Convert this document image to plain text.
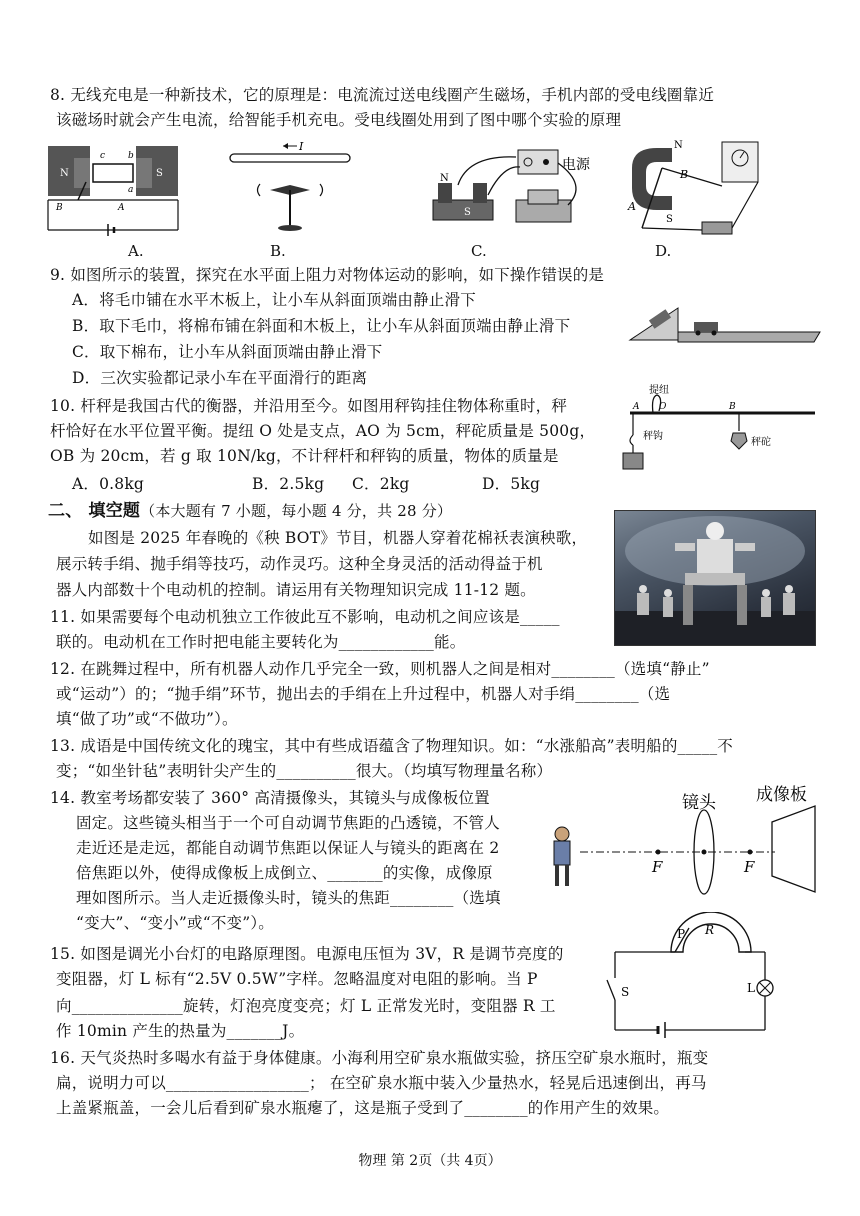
8. 无线充电是一种新技术，它的原理是：电流流过送电线圈产生磁场，手机内部的受电线圈靠近
该磁场时就会产生电流，给智能手机充电。受电线圈处用到了图中哪个实验的原理
N	S
c	b
a
B	A
A.
I
B.
N
S
电源
C.
N
S
A
B
D.
9. 如图所示的装置，探究在水平面上阻力对物体运动的影响，如下操作错误的是
A．将毛巾铺在水平木板上，让小车从斜面顶端由静止滑下
B．取下毛巾，将棉布铺在斜面和木板上，让小车从斜面顶端由静止滑下
C．取下棉布，让小车从斜面顶端由静止滑下
D．三次实验都记录小车在平面滑行的距离
10. 杆秤是我国古代的衡器，并沿用至今。如图用秤钩挂住物体称重时，秤
杆恰好在水平位置平衡。提纽 O 处是支点，AO 为 5cm，秤砣质量是 500g，
OB 为 20cm，若 g 取 10N/kg，不计秤杆和秤钩的质量，物体的质量是
A．0.8kg	B．2.5kg C．2kg	D．5kg
提纽
A O	B
秤钩
秤砣
二、 填空题（本大题有 7 小题，每小题 4 分，共 28 分）
如图是 2025 年春晚的《秧 BOT》节目，机器人穿着花棉袄表演秧歌，
展示转手绢、抛手绢等技巧，动作灵巧。这种全身灵活的活动得益于机
器人内部数十个电动机的控制。请运用有关物理知识完成 11-12 题。
11. 如果需要每个电动机独立工作彼此互不影响，电动机之间应该是_____
联的。电动机在工作时把电能主要转化为____________能。
12. 在跳舞过程中，所有机器人动作几乎完全一致，则机器人之间是相对________（选填“静止”
或“运动”）的；“抛手绢”环节，抛出去的手绢在上升过程中，机器人对手绢________（选
填“做了功”或“不做功”）。
13. 成语是中国传统文化的瑰宝，其中有些成语蕴含了物理知识。如：“水涨船高”表明船的_____不
变；“如坐针毡”表明针尖产生的__________很大。（均填写物理量名称）
14. 教室考场都安装了 360° 高清摄像头，其镜头与成像板位置
固定。这些镜头相当于一个可自动调节焦距的凸透镜，不管人
走近还是走远，都能自动调节焦距以保证人与镜头的距离在 2
倍焦距以外，使得成像板上成倒立、_______的实像，成像原
理如图所示。当人走近摄像头时，镜头的焦距________（选填
“变大”、“变小”或“不变”）。
镜头 成像板
F	F
15. 如图是调光小台灯的电路原理图。电源电压恒为 3V，R 是调节亮度的
变阻器，灯 L 标有“2.5V 0.5W”字样。忽略温度对电阻的影响。当 P
向______________旋转，灯泡亮度变亮；灯 L 正常发光时，变阻器 R 工
作 10min 产生的热量为_______J。
P R
S	L
16. 天气炎热时多喝水有益于身体健康。小海利用空矿泉水瓶做实验，挤压空矿泉水瓶时，瓶变
扁，说明力可以__________________； 在空矿泉水瓶中装入少量热水，轻晃后迅速倒出，再马
上盖紧瓶盖，一会儿后看到矿泉水瓶瘪了，这是瓶子受到了________的作用产生的效果。
物理 第 2页（共 4页）
